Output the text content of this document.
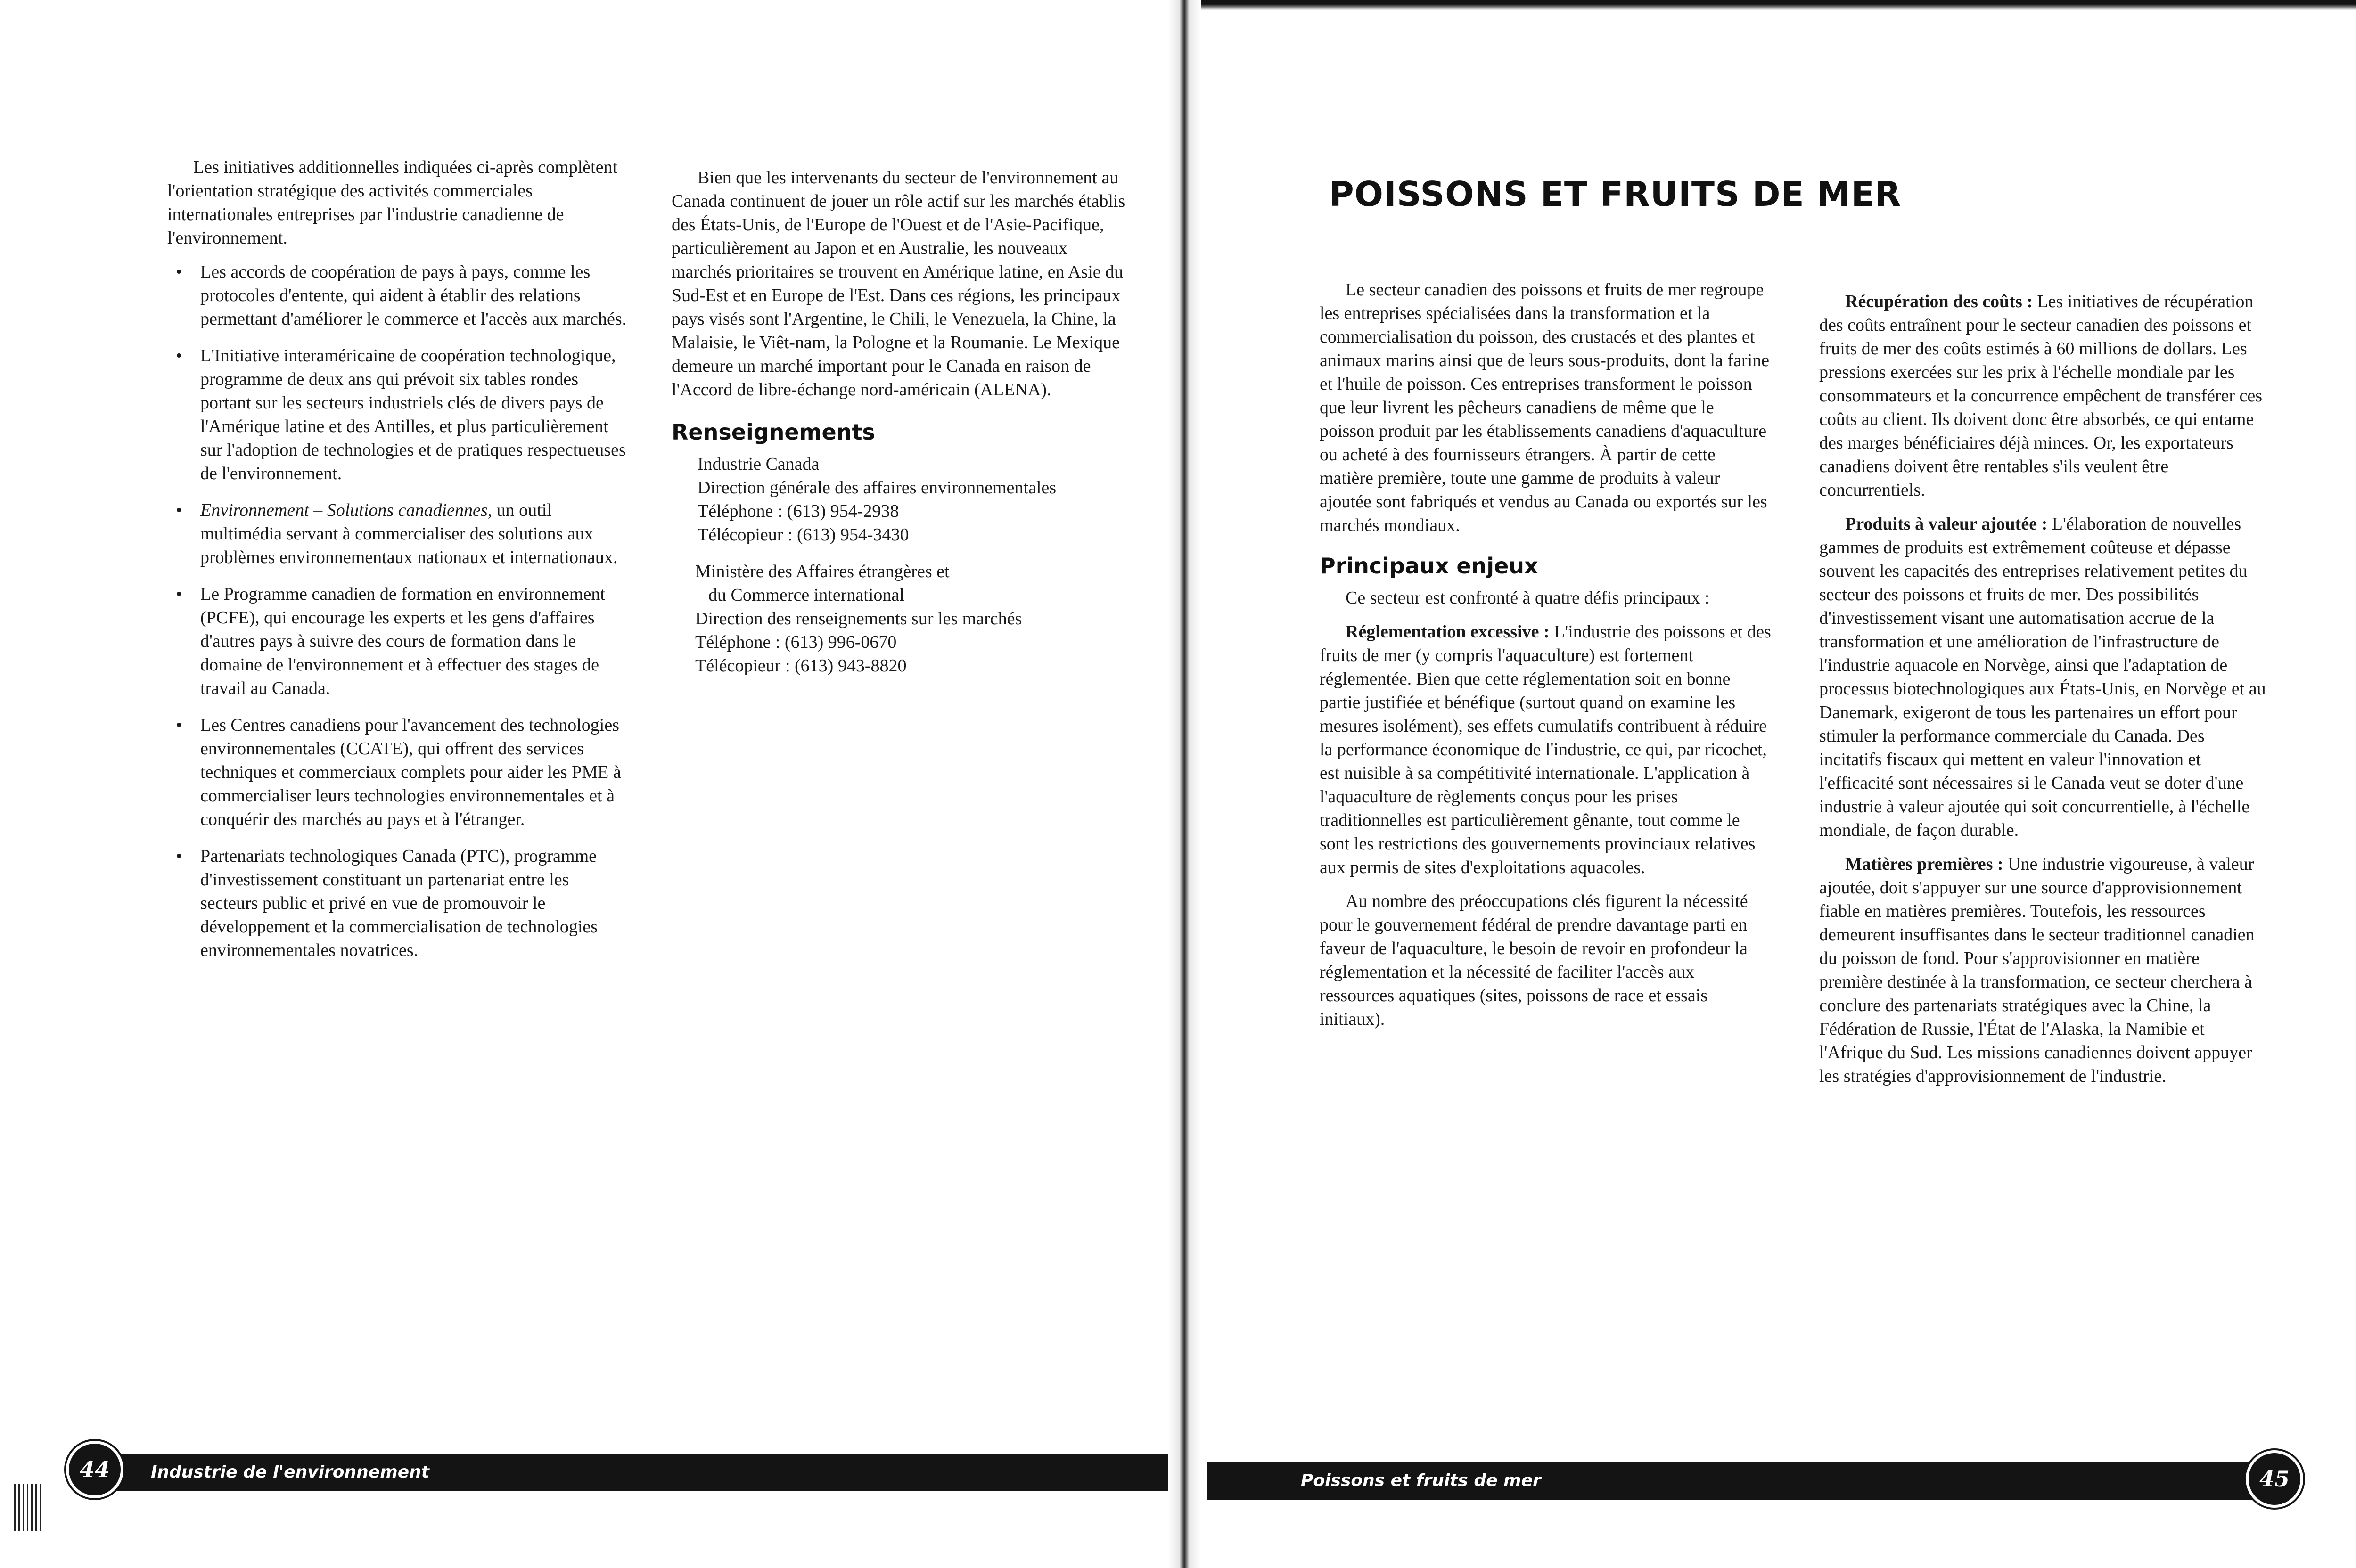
Les initiatives additionnelles indiquées ci-après complètent l'orientation stratégique des activités commerciales internationales entreprises par l'industrie canadienne de l'environnement.

• Les accords de coopération de pays à pays, comme les protocoles d'entente, qui aident à établir des relations permettant d'améliorer le commerce et l'accès aux marchés.
• L'Initiative interaméricaine de coopération technologique, programme de deux ans qui prévoit six tables rondes portant sur les secteurs industriels clés de divers pays de l'Amérique latine et des Antilles, et plus particulièrement sur l'adoption de technologies et de pratiques respectueuses de l'environnement.
• Environnement – Solutions canadiennes, un outil multimédia servant à commercialiser des solutions aux problèmes environnementaux nationaux et internationaux.
• Le Programme canadien de formation en environnement (PCFE), qui encourage les experts et les gens d'affaires d'autres pays à suivre des cours de formation dans le domaine de l'environnement et à effectuer des stages de travail au Canada.
• Les Centres canadiens pour l'avancement des technologies environnementales (CCATE), qui offrent des services techniques et commerciaux complets pour aider les PME à commercialiser leurs technologies environnementales et à conquérir des marchés au pays et à l'étranger.
• Partenariats technologiques Canada (PTC), programme d'investissement constituant un partenariat entre les secteurs public et privé en vue de promouvoir le développement et la commercialisation de technologies environnementales novatrices.

Bien que les intervenants du secteur de l'environnement au Canada continuent de jouer un rôle actif sur les marchés établis des États-Unis, de l'Europe de l'Ouest et de l'Asie-Pacifique, particulièrement au Japon et en Australie, les nouveaux marchés prioritaires se trouvent en Amérique latine, en Asie du Sud-Est et en Europe de l'Est. Dans ces régions, les principaux pays visés sont l'Argentine, le Chili, le Venezuela, la Chine, la Malaisie, le Viêt-nam, la Pologne et la Roumanie. Le Mexique demeure un marché important pour le Canada en raison de l'Accord de libre-échange nord-américain (ALENA).

Renseignements
Industrie Canada
Direction générale des affaires environnementales
Téléphone : (613) 954-2938
Télécopieur : (613) 954-3430
Ministère des Affaires étrangères et
du Commerce international
Direction des renseignements sur les marchés
Téléphone : (613) 996-0670
Télécopieur : (613) 943-8820
Industrie de l'environnement
44
POISSONS ET FRUITS DE MER

Le secteur canadien des poissons et fruits de mer regroupe les entreprises spécialisées dans la transformation et la commercialisation du poisson, des crustacés et des plantes et animaux marins ainsi que de leurs sous-produits, dont la farine et l'huile de poisson. Ces entreprises transforment le poisson que leur livrent les pêcheurs canadiens de même que le poisson produit par les établissements canadiens d'aquaculture ou acheté à des fournisseurs étrangers. À partir de cette matière première, toute une gamme de produits à valeur ajoutée sont fabriqués et vendus au Canada ou exportés sur les marchés mondiaux.

Principaux enjeux

Ce secteur est confronté à quatre défis principaux :

Réglementation excessive : L'industrie des poissons et des fruits de mer (y compris l'aquaculture) est fortement réglementée. Bien que cette réglementation soit en bonne partie justifiée et bénéfique (surtout quand on examine les mesures isolément), ses effets cumulatifs contribuent à réduire la performance économique de l'industrie, ce qui, par ricochet, est nuisible à sa compétitivité internationale. L'application à l'aquaculture de règlements conçus pour les prises traditionnelles est particulièrement gênante, tout comme le sont les restrictions des gouvernements provinciaux relatives aux permis de sites d'exploitations aquacoles.

Au nombre des préoccupations clés figurent la nécessité pour le gouvernement fédéral de prendre davantage parti en faveur de l'aquaculture, le besoin de revoir en profondeur la réglementation et la nécessité de faciliter l'accès aux ressources aquatiques (sites, poissons de race et essais initiaux).

Récupération des coûts : Les initiatives de récupération des coûts entraînent pour le secteur canadien des poissons et fruits de mer des coûts estimés à 60 millions de dollars. Les pressions exercées sur les prix à l'échelle mondiale par les consommateurs et la concurrence empêchent de transférer ces coûts au client. Ils doivent donc être absorbés, ce qui entame des marges bénéficiaires déjà minces. Or, les exportateurs canadiens doivent être rentables s'ils veulent être concurrentiels.

Produits à valeur ajoutée : L'élaboration de nouvelles gammes de produits est extrêmement coûteuse et dépasse souvent les capacités des entreprises relativement petites du secteur des poissons et fruits de mer. Des possibilités d'investissement visant une automatisation accrue de la transformation et une amélioration de l'infrastructure de l'industrie aquacole en Norvège, ainsi que l'adaptation de processus biotechnologiques aux États-Unis, en Norvège et au Danemark, exigeront de tous les partenaires un effort pour stimuler la performance commerciale du Canada. Des incitatifs fiscaux qui mettent en valeur l'innovation et l'efficacité sont nécessaires si le Canada veut se doter d'une industrie à valeur ajoutée qui soit concurrentielle, à l'échelle mondiale, de façon durable.

Matières premières : Une industrie vigoureuse, à valeur ajoutée, doit s'appuyer sur une source d'approvisionnement fiable en matières premières. Toutefois, les ressources demeurent insuffisantes dans le secteur traditionnel canadien du poisson de fond. Pour s'approvisionner en matière première destinée à la transformation, ce secteur cherchera à conclure des partenariats stratégiques avec la Chine, la Fédération de Russie, l'État de l'Alaska, la Namibie et l'Afrique du Sud. Les missions canadiennes doivent appuyer les stratégies d'approvisionnement de l'industrie.

Poissons et fruits de mer	45
